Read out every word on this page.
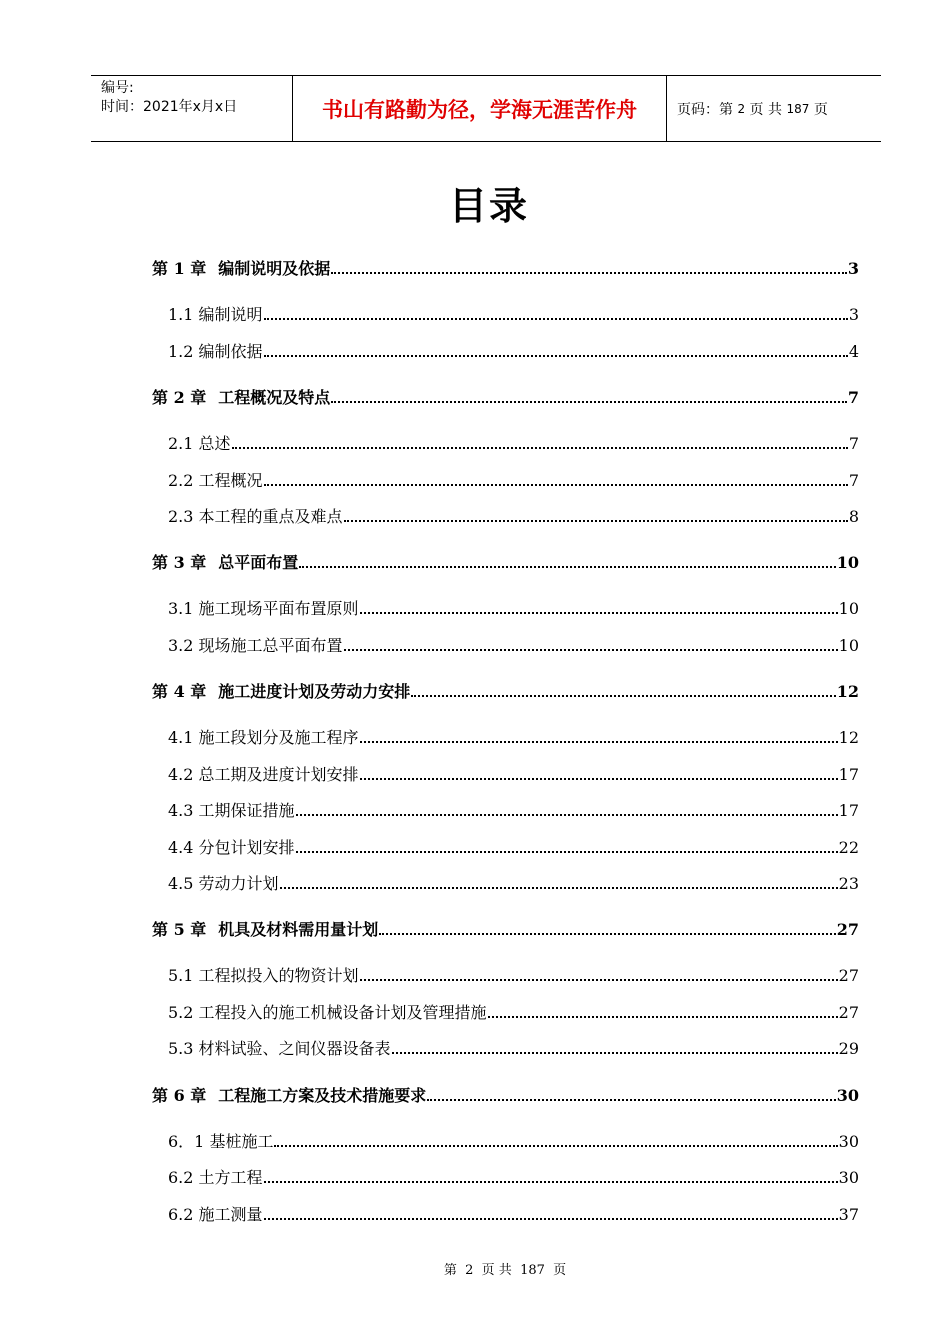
编号:
时间：2021年x月x日	书山有路勤为径，学海无涯苦作舟	页码：第
2
页 共
187
页
目录
第 1 章 编制说明及依据	3
1.1 编制说明	3
1.2 编制依据	4
第 2 章 工程概况及特点	7
2.1 总述	7
2.2 工程概况	7
2.3 本工程的重点及难点	8
第 3 章 总平面布置	10
3.1 施工现场平面布置原则	10
3.2 现场施工总平面布置	10
第 4 章 施工进度计划及劳动力安排	12
4.1 施工段划分及施工程序	12
4.2 总工期及进度计划安排	17
4.3 工期保证措施	17
4.4 分包计划安排	22
4.5 劳动力计划	23
第 5 章 机具及材料需用量计划	27
5.1 工程拟投入的物资计划	27
5.2 工程投入的施工机械设备计划及管理措施	27
5.3 材料试验、之间仪器设备表	29
第 6 章 工程施工方案及技术措施要求	30
6．1 基桩施工	30
6.2 土方工程	30
6.2 施工测量	37
第 2 页 共 187 页
